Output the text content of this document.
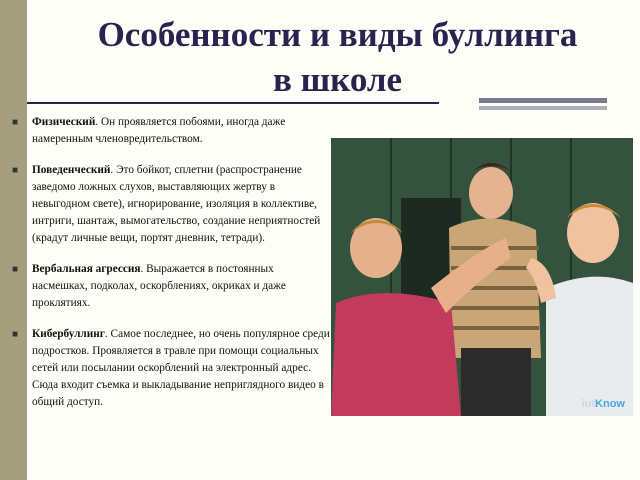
Особенности и виды буллинга
в школе

■ Физический. Он проявляется побоями, иногда даже намеренным членовредительством.

■ Поведенческий. Это бойкот, сплетни (распространение заведомо ложных слухов, выставляющих жертву в невыгодном свете), игнорирование, изоляция в коллективе, интриги, шантаж, вымогательство, создание неприятностей (крадут личные вещи, портят дневник, тетради).

■ Вербальная агрессия. Выражается в постоянных насмешках, подколах, оскорблениях, окриках и даже проклятиях.

■ Кибербуллинг. Самое последнее, но очень популярное среди подростков. Проявляется в травле при помощи социальных сетей или посылании оскорблений на электронный адрес. Сюда входит съемка и выкладывание неприглядного видео в общий доступ.	iutKnow
